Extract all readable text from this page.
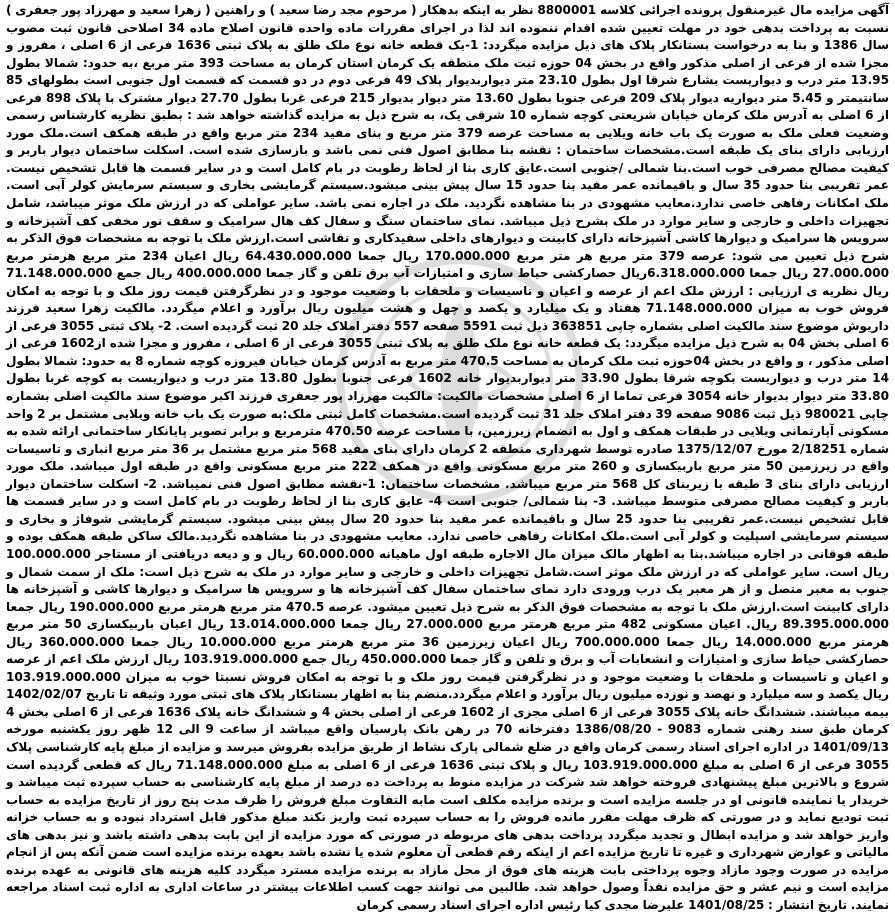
آگهی مزایده مال غیرمنقول پرونده اجرائی کلاسه 8800001 نظر به اینکه بدهکار ( مرحوم مجد رضا سعید ) و راهنین ( زهرا سعید و مهرزاد پور جعفری ) نسبت به پرداخت بدهی خود در مهلت تعیین شده اقدام ننموده اند لذا در اجرای مقررات ماده واحده قانون اصلاح ماده 34 اصلاحی قانون ثبت مصوب سال 1386 و بنا به درخواست بستانکار پلاک های ذیل مزایده میگردد: 1-یک قطعه خانه نوع ملک طلق به پلاک ثبتی 1636 فرعی از 6 اصلی ، مفروز و مجزا شده از فرعی از اصلی مذکور واقع در بخش 04 حوزه ثبت ملک منطقه یک کرمان استان کرمان به مساحت 393 متر مربع ،به حدود: شمالا بطول 13.95 متر درب و دیواریست بشارع شرقا اول بطول 23.10 متر دیواربدیوار پلاک 49 فرعی دوم در دو قسمت که قسمت اول جنوبی است بطولهای 85 سانتیمتر و 5.45 متر دیواریه دیوار پلاک 209 فرعی جنوبا بطول 13.60 متر دیوار بدیوار 215 فرعی غربا بطول 27.70 دیوار مشترک با پلاک 898 فرعی از 6 اصلی به آدرس ملک کرمان خیابان شریعتی کوچه شماره 10 شرقی یک، به شرح ذیل به مزایده گذاشته خواهد شد : بطبق نظریه کارشناس رسمی وضعیت فعلی ملک به صورت یک باب خانه ویلایی به مساحت عرصه 379 متر مربع و بنای مفید 234 متر مربع واقع در طبقه همکف است.ملک مورد ارزیابی دارای بنای یک طبقه است.مشخصات ساختمان : نقشه بنا مطابق اصول فنی نمی باشد و بازسازی شده است. اسکلت ساختمان دیوار باربر و کیفیت مصالح مصرفی خوب است.بنا شمالی /جنوبی است.عایق کاری بنا از لحاظ رطوبت در بام کامل است و در سایر قسمت ها قابل تشخیص نیست. عمر تقریبی بنا حدود 35 سال و باقیمانده عمر مفید بنا حدود 15 سال پیش بینی میشود.سیستم گرمایشی بخاری و سیستم سرمایش کولر آبی است. ملک امکانات رفاهی خاصی ندارد.معایب مشهودی در بنا مشاهده نگردید. ملک در اجاره نمی باشد. سایر عواملی که در ارزش ملک موثر میباشد، شامل تجهیزات داخلی و خارجی و سایر موارد در ملک بشرح ذیل میباشد. نمای ساختمان سنگ و سفال کف هال سرامیک و سقف نور مخفی کف آشپزخانه و سرویس ها سرامیک و دیوارها کاشی آشپزخانه دارای کابینت و دیوارهای داخلی سفیدکاری و نقاشی است.ارزش ملک با توجه به مشخصات فوق الذکر به شرح ذیل تعیین می شود: عرصه 379 متر مربع هر متر مربع 170.000.000 ریال جمعا 64.430.000.000 ریال اعیان 234 متر مربع هرمتر مربع 27.000.000 ریال جمعا 6.318.000.000ریال حصارکشی حیاط سازی و امتیازات آب برق تلفن و گاز جمعا 400.000.000 ریال جمع 71.148.000.000 ریال نظریه ی ارزیابی : ارزش ملک اعم از عرصه و اعیان و تاسیسات و ملحقات با وضعیت موجود و در نظرگرفتن قیمت روز ملک و با توجه به امکان فروش خوب به میزان 71.148.000.000 هفتاد و یک میلیارد و یکصد و چهل و هشت میلیون ریال برآورد و اعلام میگردد. مالکیت زهرا سعید فرزند داریوش موضوع سند مالکیت اصلی بشماره چاپی 363851 ذیل ثبت 5591 صفحه 557 دفتر املاک جلد 20 ثبت گردیده است. 2- پلاک ثبتی 3055 فرعی از 6 اصلی بخش 04 به شرح ذیل مزایده میگردد: یک قطعه خانه نوع ملک طلق به پلاک ثبتی 3055 فرعی از 6 اصلی ، مفروز و مجزا شده از1602 فرعی از اصلی مذکور ، و واقع در بخش 04حوزه ثبت ملک کرمان به مساحت 470.5 متر مربع به آدرس کرمان خیابان فیروزه کوچه شماره 8 به حدود: شمالا بطول 14 متر درب و دیواریست بکوچه شرقا بطول 33.90 متر دیواربدیوار خانه 1602 فرعی جنوبا بطول 13.80 متر درب و دیواریست به کوچه غربا بطول 33.80 متر دیوار بدیوار خانه 3054 فرعی تماما از 6 اصلی مشخصات مالکیت: مالکیت مهرزاد پور جعفری فرزند اکبر موضوع سند مالکیت اصلی بشماره چاپی 980021 ذیل ثبت 9086 صفحه 39 دفتر املاک جلد 31 ثبت گردیده است.مشخصات کامل ثبتی ملک:به صورت یک باب خانه ویلایی مشتمل بر 2 واحد مسکونی آپارتمانی ویلایی در طبقات همکف و اول به انضمام زیرزمین، با مساحت عرصه 470.50 مترمربع و برابر تصویر پایانکار ساختمانی ارائه شده به شماره 2/18251 مورخ 1375/12/07 صادره توسط شهرداری منطقه 2 کرمان دارای بنای مفید 568 متر مربع مشتمل بر 36 متر مربع انباری و تاسیسات واقع در زیرزمین 50 متر مربع باربیکسازی و 260 متر مربع مسکونی واقع در همکف 222 متر مربع مسکونی واقع در طبقه اول میباشد. ملک مورد ارزیابی دارای بنای 3 طبقه با زیربنای کل 568 متر مربع میباشد. مشخصات ساختمان: 1-نقشه مطابق اصول فنی نمیباشد. 2- اسکلت ساختمان دیوار باربر و کیفیت مصالح مصرفی متوسط میباشد. 3- بنا شمالی/ جنوبی است 4- عایق کاری بنا از لحاظ رطوبت در بام کامل است و در سایر قسمت ها قابل تشخیص نیست.عمر تقریبی بنا حدود 25 سال و باقیمانده عمر مفید بنا حدود 20 سال پیش بینی میشود. سیستم گرمایشی شوفاژ و بخاری و سیستم سرمایشی اسپلیت و کولر آبی است.ملک امکانات رفاهی خاصی ندارد. معایب مشهودی در بنا مشاهده نگردید.مالک ساکن طبقه همکف بوده و طبقه فوقانی در اجاره میباشد.بنا به اظهار مالک میزان مال الاجاره طبقه اول ماهیانه 60.000.000 ریال و و دیعه دریافتی از مستاجر 100.000.000 ریال است. سایر عواملی که در ارزش ملک موثر است.شامل تجهیزات داخلی و خارجی و سایر موارد در ملک به شرح ذیل است: ملک از سمت شمال و جنوب به معبر متصل و از هر معبر یک درب ورودی دارد نمای ساختمان سفال کف آشپزخانه ها و سرویس ها سرامیک و دیوارها کاشی و آشپزخانه ها دارای کابینت است.ارزش ملک با توجه به مشخصات فوق الذکر به شرح ذیل تعیین میشود. عرصه 470.5 متر مربع هرمتر مربع 190.000.000 ریال جمعا 89.395.000.000 ریال. اعیان مسکونی 482 متر مربع هرمتر مربع 27.000.000 ریال جمعا 13.014.000.000 ریال اعیان باربیکسازی 50 متر مربع هرمتر مربع 14.000.000 ریال جمعا 700.000.000 ریال اعیان زیرزمین 36 متر مربع هرمتر مربع 10.000.000 ریال جمعا 360.000.000 ریال حصارکشی حیاط سازی و امتیازات و انشعابات آب و برق و تلفن و گاز جمعا 450.000.000 ریال جمع 103.919.000.000 ریال ارزش ملک اعم از عرصه و اعیان و تاسیسات و ملحقات با وضعیت موجود و در نظرگرفتن قیمت روز ملک و با توجه به امکان فروش نسبتا خوب به میزان 103.919.000.000 ریال یکصد و سه میلیارد و نهصد و نوزده میلیون ریال برآورد و اعلام میگردد.منضم بنا به اظهار بستانکار پلاک های ثبتی مورد وثیقه تا تاریخ 1402/02/07 بیمه میباشند. ششدانگ خانه پلاک 3055 فرعی از 6 اصلی مجزی از 1602 فرعی از اصلی بخش 4 و ششدانگ خانه پلاک 1636 فرعی از 6 اصلی بخش 4 کرمان طبق سند رهنی شماره 9083 - 1386/08/20 دفترخانه 70 در رهن بانک پارسیان واقع میباشد از ساعت 9 الی 12 ظهر روز یکشنبه مورخه 1401/09/13 در اداره اجرای اسناد رسمی کرمان واقع در ضلع شمالی پارک نشاط از طریق مزایده بفروش میرسد و مزایده از مبلغ پایه کارشناسی پلاک 3055 فرعی از 6 اصلی به مبلغ 103.919.000.000 ریال و پلاک ثبتی 1636 فرعی از 6 اصلی به مبلغ 71.148.000.000 ریال که قطعی گردیده است شروع و بالاترین مبلغ پیشنهادی فروخته خواهد شد شرکت در مزایده منوط به پرداخت ده درصد از مبلغ پایه کارشناسی به حساب سپرده ثبت میباشد و خریدار یا نماینده قانونی او در جلسه مزایده است و برنده مزایده مکلف است مابه التفاوت مبلغ فروش را ظرف مدت پنج روز از تاریخ مزایده به حساب ثبت تودیع نماید و در صورتی که ظرف مهلت مقرر مانده فروش را به حساب سپرده ثبت واریز نکند مبلغ مذکور قابل استرداد نبوده و به حساب خزانه واریز خواهد شد و مزایده ابطال و تجدید میگردد پرداخت بدهی های مربوطه در صورتی که مورد مزایده از این بابت بدهی داشته باشد و نیز بدهی های مالیاتی و عوارض شهرداری و غیره تا تاریخ مزایده اعم از اینکه رقم قطعی آن معلوم شده یا نشده باشد بعهده برنده مزایده است ضمن آنکه پس از انجام مزایده در صورت وجود مازاد وجوه پرداختی بابت هزینه های فوق از محل مازاد به برنده مزایده مسترد میگردد کلیه هزینه های قانونی به عهده برنده مزایده است و نیم عشر و حق مزایده نقداً وصول خواهد شد. طالبین می توانند جهت کسب اطلاعات بیشتر در ساعات اداری به اداره ثبت اسناد مراجعه نمایند. تاریخ انتشار : 1401/08/25 علیرضا مجدی کیا رئیس اداره اجرای اسناد رسمی کرمان
